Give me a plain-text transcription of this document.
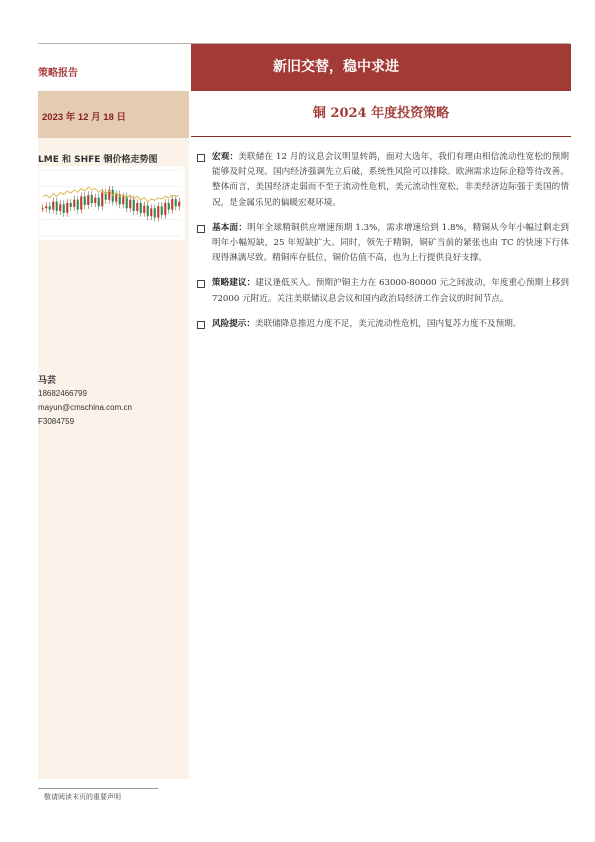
策略报告	新旧交替，稳中求进
2023 年 12 月 18 日	铜 2024 年度投资策略
LME 和 SHFE 铜价格走势图
马芸
18682466799
mayun@cmschina.com.cn
F3084759
宏观：美联储在 12 月的议息会议明显转鸽，面对大选年，我们有理由相信流动性宽松的预期能够及时兑现。国内经济强调先立后破，系统性风险可以排除。欧洲需求边际企稳等待改善。整体而言，美国经济走弱而不至于流动性危机，美元流动性宽松，非美经济边际强于美国的情况，是金属乐见的偏暖宏观环境。
基本面：明年全球精铜供应增速预期 1.3%，需求增速给到 1.8%，精铜从今年小幅过剩走到明年小幅短缺，25 年短缺扩大。同时，领先于精铜，铜矿当前的紧张也由 TC 的快速下行体现得淋漓尽致。精铜库存低位，铜价估值不高，也为上行提供良好支撑。
策略建议：建议逢低买入。预期沪铜主力在 63000-80000 元之间波动，年度重心预期上移到 72000 元附近。关注美联储议息会议和国内政治局经济工作会议的时间节点。
风险提示：美联储降息推迟力度不足，美元流动性危机，国内复苏力度不及预期。
敬请阅读末页的重要声明
